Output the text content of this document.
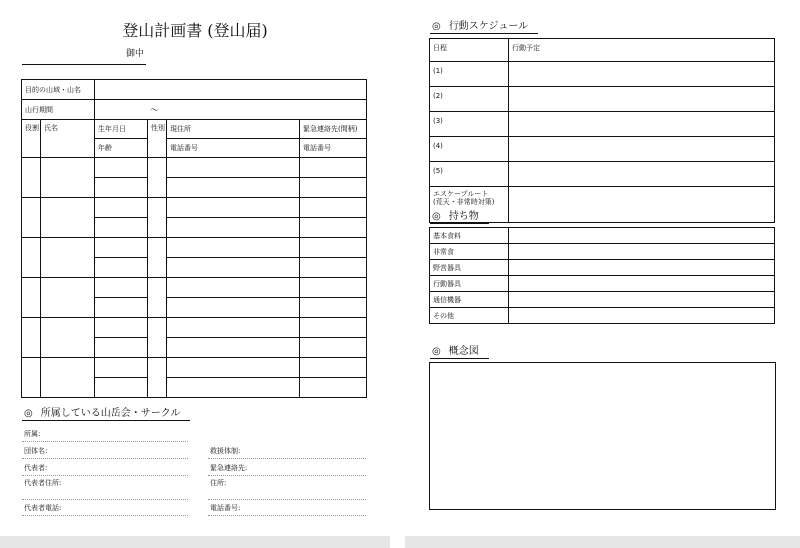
登山計画書 (登山届)
御中
目的の山域・山名					
山行期間		〜			
役割	氏名	生年月日	性別	現住所	緊急連絡先(間柄)
		年齢		電話番号	電話番号

◎ 所属している山岳会・サークル
所属:
団体名:	救援体制:
代表者:	緊急連絡先:
代表者住所:	住所:
代表者電話:	電話番号:
◎ 行動スケジュール
日程	行動予定
(1)	
(2)	
(3)	
(4)	
(5)	
エスケープルート
(荒天・非常時対策)	
◎ 持ち物
基本食料	
非常食	
野営器具	
行動器具	
通信機器	
その他	
◎ 概念図
